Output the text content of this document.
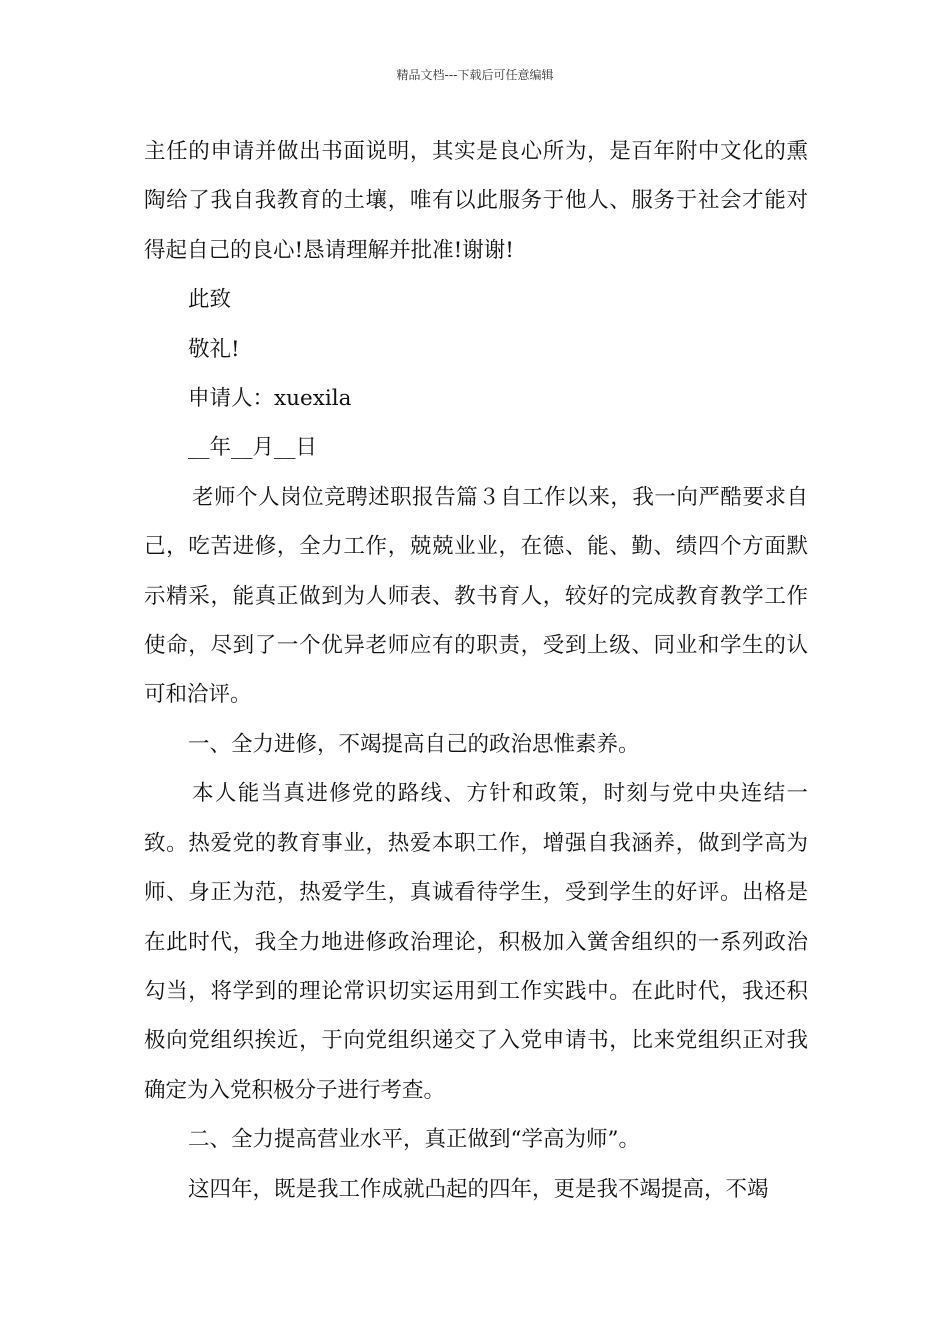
精品文档---下载后可任意编辑

主任的申请并做出书面说明，其实是良心所为，是百年附中文化的熏陶给了我自我教育的土壤，唯有以此服务于他人、服务于社会才能对得起自己的良心!恳请理解并批准!谢谢!

此致

敬礼!

申请人：xuexila

__年__月__日

老师个人岗位竞聘述职报告篇３自工作以来，我一向严酷要求自己，吃苦进修，全力工作，兢兢业业，在德、能、勤、绩四个方面默示精采，能真正做到为人师表、教书育人，较好的完成教育教学工作使命，尽到了一个优异老师应有的职责，受到上级、同业和学生的认可和洽评。

一、全力进修，不竭提高自己的政治思惟素养。

本人能当真进修党的路线、方针和政策，时刻与党中央连结一致。热爱党的教育事业，热爱本职工作，增强自我涵养，做到学高为师、身正为范，热爱学生，真诚看待学生，受到学生的好评。出格是在此时代，我全力地进修政治理论，积极加入黉舍组织的一系列政治勾当，将学到的理论常识切实运用到工作实践中。在此时代，我还积极向党组织挨近，于向党组织递交了入党申请书，比来党组织正对我确定为入党积极分子进行考查。

二、全力提高营业水平，真正做到“学高为师”。

这四年，既是我工作成就凸起的四年，更是我不竭提高，不竭
